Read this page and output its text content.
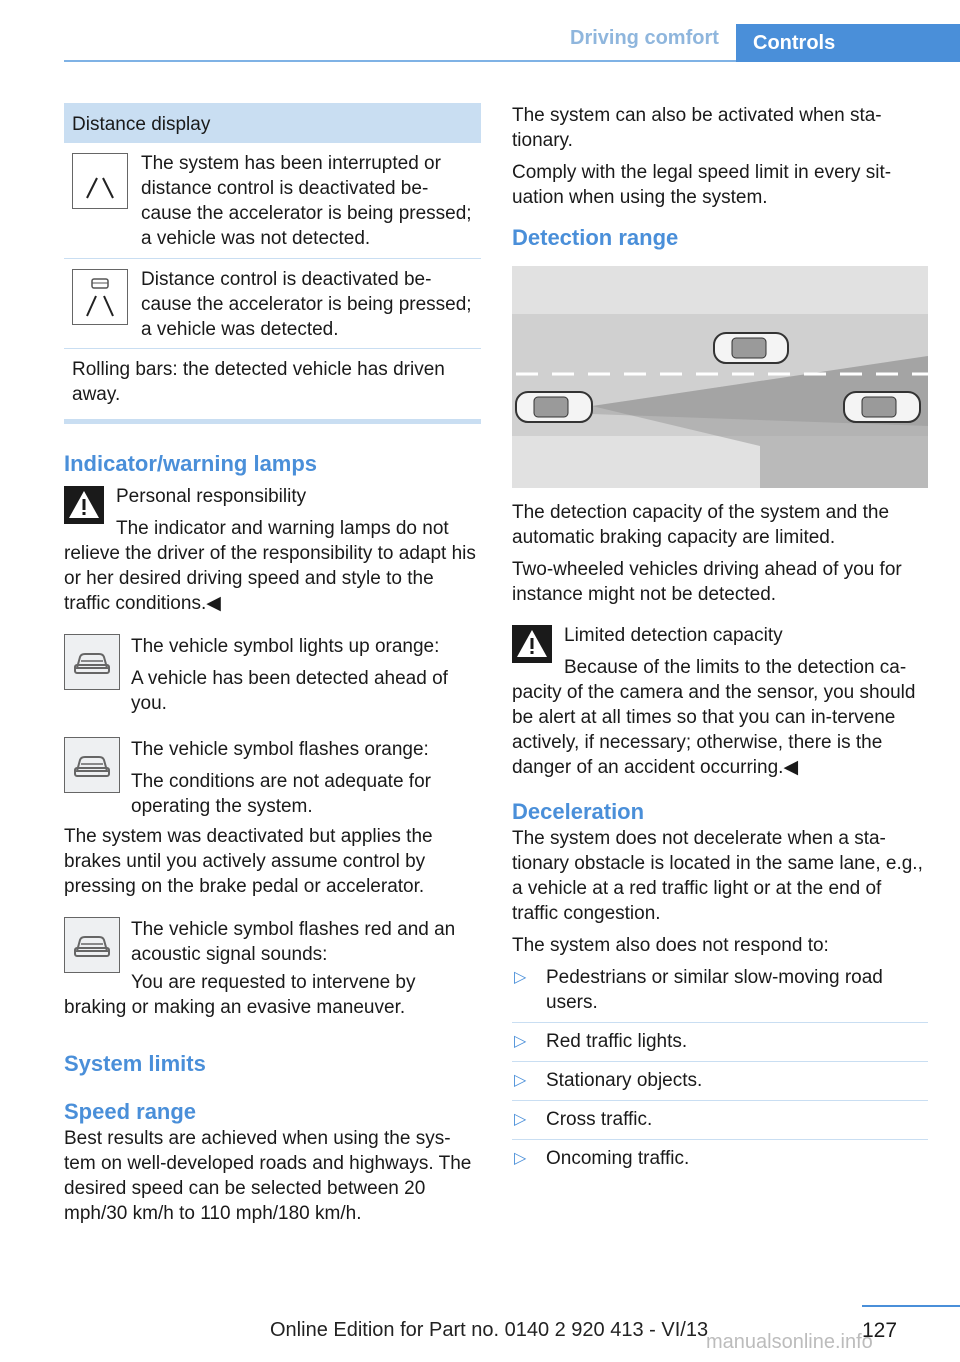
Driving comfort	Controls
Distance display
The system has been interrupted or distance control is deactivated be-cause the accelerator is being pressed; a vehicle was not detected.
Distance control is deactivated be-cause the accelerator is being pressed; a vehicle was detected.
Rolling bars: the detected vehicle has driven away.
Indicator/warning lamps

Personal responsibility

The indicator and warning lamps do not relieve the driver of the responsibility to adapt his or her desired driving speed and style to the traffic conditions.◀

The vehicle symbol lights up orange:

A vehicle has been detected ahead of you.

The vehicle symbol flashes orange:

The conditions are not adequate for operating the system.

The system was deactivated but applies the brakes until you actively assume control by pressing on the brake pedal or accelerator.

The vehicle symbol flashes red and an acoustic signal sounds:

You are requested to intervene by braking or making an evasive maneuver.

System limits
Speed range

Best results are achieved when using the sys-tem on well-developed roads and highways. The desired speed can be selected between 20 mph/30 km/h to 110 mph/180 km/h.

The system can also be activated when sta-tionary.

Comply with the legal speed limit in every sit-uation when using the system.

Detection range

The detection capacity of the system and the automatic braking capacity are limited.

Two-wheeled vehicles driving ahead of you for instance might not be detected.

Limited detection capacity

Because of the limits to the detection ca-pacity of the camera and the sensor, you should be alert at all times so that you can in-tervene actively, if necessary; otherwise, there is the danger of an accident occurring.◀

Deceleration

The system does not decelerate when a sta-tionary obstacle is located in the same lane, e.g., a vehicle at a red traffic light or at the end of traffic congestion.

The system also does not respond to:

▷ Pedestrians or similar slow-moving road users.
▷ Red traffic lights.
▷ Stationary objects.
▷ Cross traffic.
▷ Oncoming traffic.
127
Online Edition for Part no. 0140 2 920 413 - VI/13
manualsonline.info
